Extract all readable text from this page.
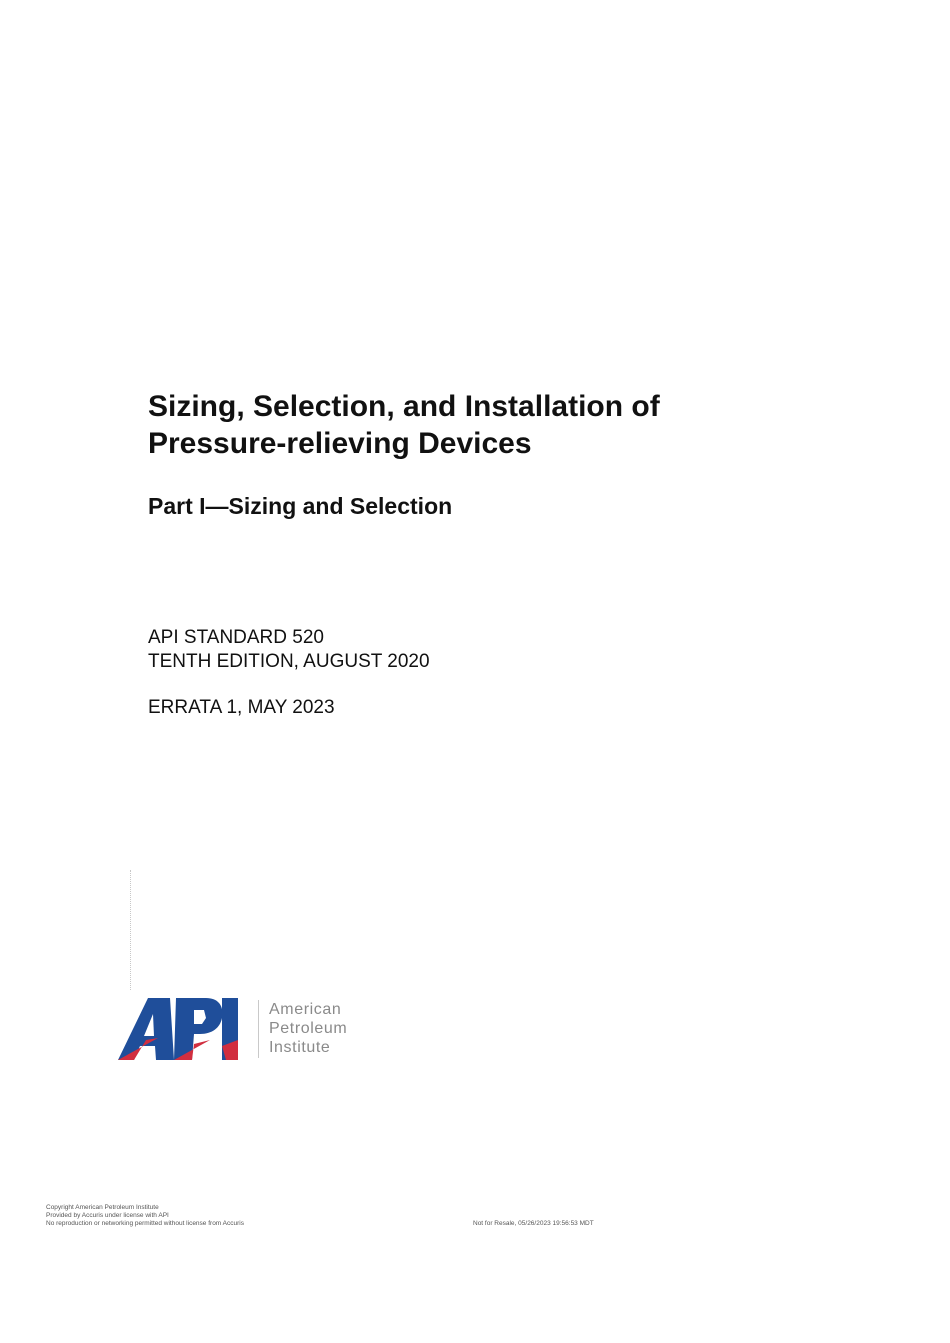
Sizing, Selection, and Installation of
Pressure-relieving Devices
Part I—Sizing and Selection
API STANDARD 520
TENTH EDITION, AUGUST 2020
ERRATA 1, MAY 2023
American
Petroleum
Institute
Copyright American Petroleum Institute
Provided by Accuris under license with API
No reproduction or networking permitted without license from Accuris	Not for Resale, 05/26/2023 19:56:53 MDT
